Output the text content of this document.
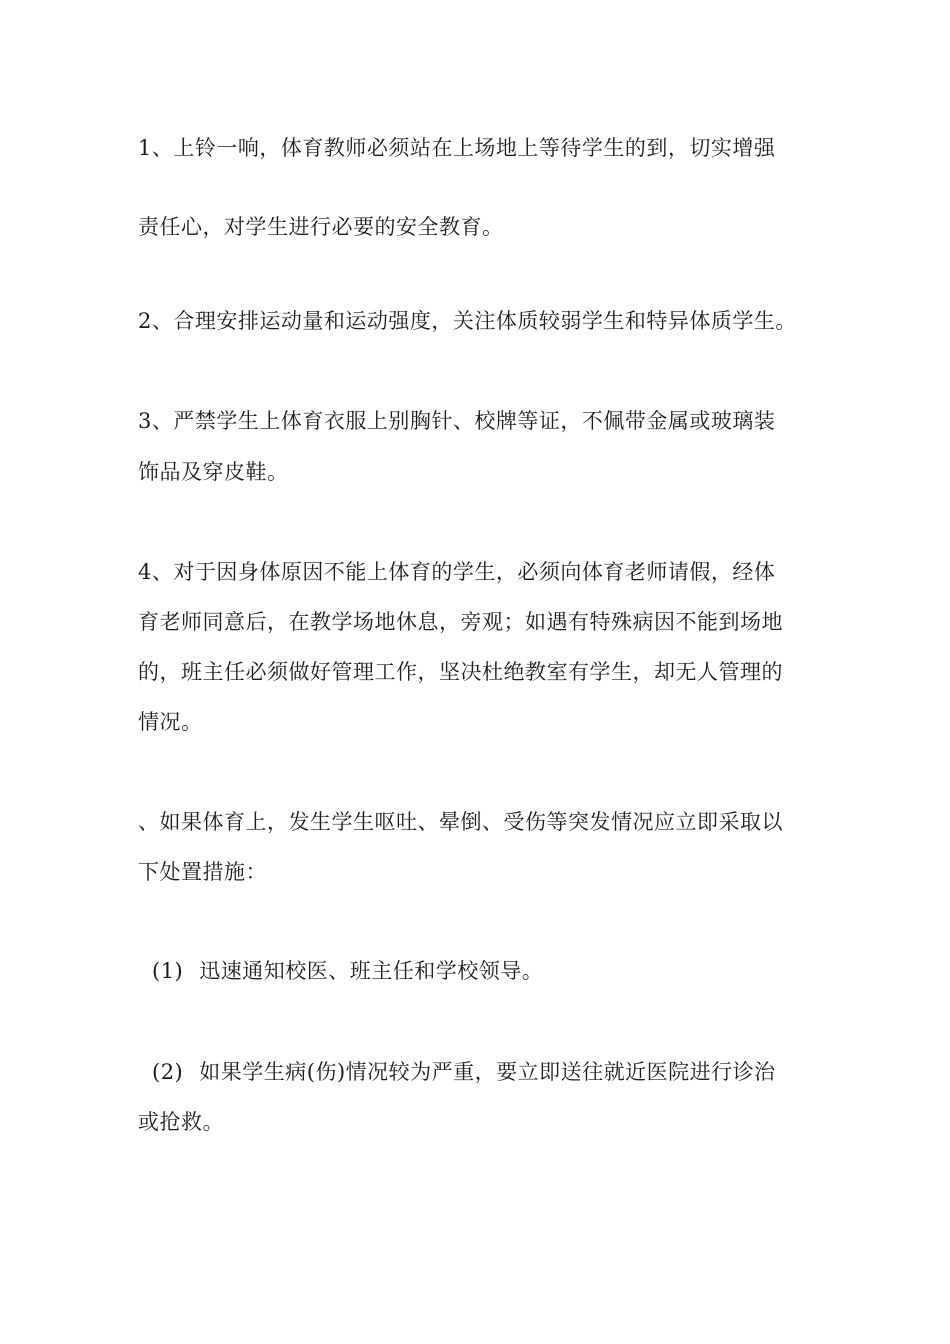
1、上铃一响，体育教师必须站在上场地上等待学生的到，切实增强
责任心，对学生进行必要的安全教育。
2、合理安排运动量和运动强度，关注体质较弱学生和特异体质学生。
3、严禁学生上体育衣服上别胸针、校牌等证，不佩带金属或玻璃装
饰品及穿皮鞋。
4、对于因身体原因不能上体育的学生，必须向体育老师请假，经体
育老师同意后，在教学场地休息，旁观；如遇有特殊病因不能到场地
的，班主任必须做好管理工作，坚决杜绝教室有学生，却无人管理的
情况。
、如果体育上，发生学生呕吐、晕倒、受伤等突发情况应立即采取以
下处置措施：
(1) 迅速通知校医、班主任和学校领导。
(2) 如果学生病(伤)情况较为严重，要立即送往就近医院进行诊治
或抢救。
